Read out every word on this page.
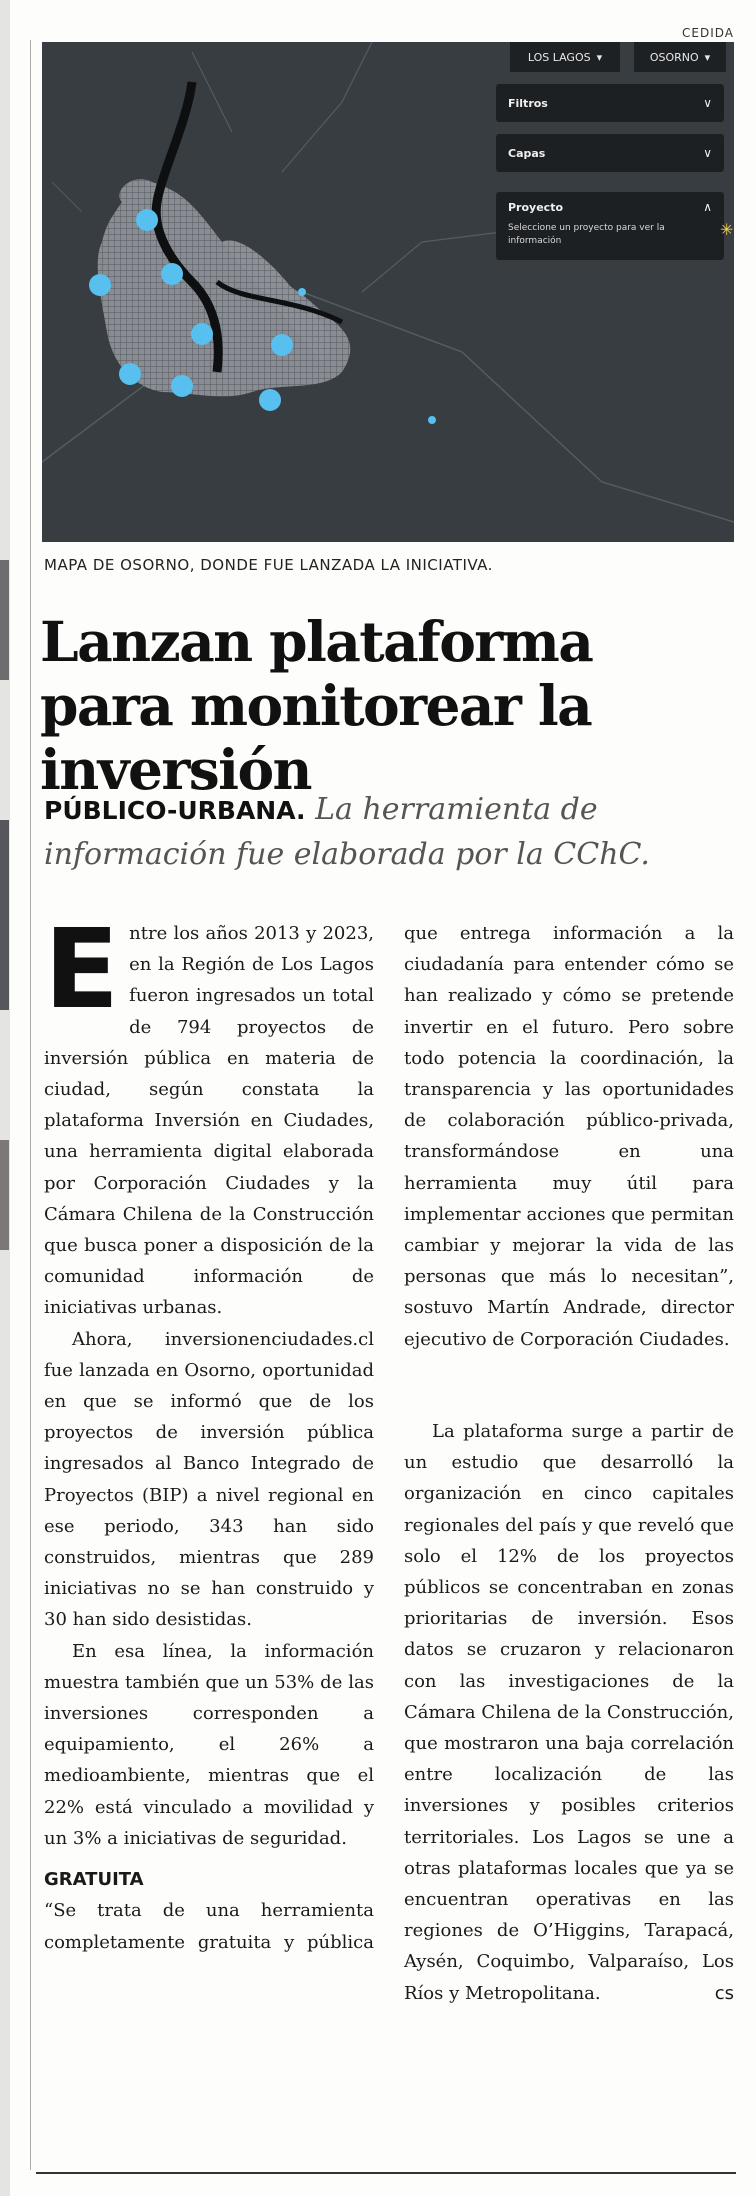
CEDIDA
LOS LAGOS ▾	OSORNO ▾
Filtros	∨
Capas	∨
Proyecto	∧
Seleccione un proyecto para ver la información
✳
MAPA DE OSORNO, DONDE FUE LANZADA LA INICIATIVA.
Lanzan plataforma para monitorear la inversión

PÚBLICO-URBANA. La herramienta de información fue elaborada por la CChC.

Entre los años 2013 y 2023, en la Región de Los Lagos fueron ingresados un total de 794 proyectos de inversión pública en materia de ciudad, según constata la plataforma Inversión en Ciudades, una herramienta digital elaborada por Corporación Ciudades y la Cámara Chilena de la Construcción que busca poner a disposición de la comunidad información de iniciativas urbanas.

Ahora, inversionenciudades.cl fue lanzada en Osorno, oportunidad en que se informó que de los proyectos de inversión pública ingresados al Banco Integrado de Proyectos (BIP) a nivel regional en ese periodo, 343 han sido construidos, mientras que 289 iniciativas no se han construido y 30 han sido desistidas.

En esa línea, la información muestra también que un 53% de las inversiones corresponden a equipamiento, el 26% a medioambiente, mientras que el 22% está vinculado a movilidad y un 3% a iniciativas de seguridad.

GRATUITA

“Se trata de una herramienta completamente gratuita y pública

que entrega información a la ciudadanía para entender cómo se han realizado y cómo se pretende invertir en el futuro. Pero sobre todo potencia la coordinación, la transparencia y las oportunidades de colaboración público-privada, transformándose en una herramienta muy útil para implementar acciones que permitan cambiar y mejorar la vida de las personas que más lo necesitan”, sostuvo Martín Andrade, director ejecutivo de Corporación Ciudades.

La plataforma surge a partir de un estudio que desarrolló la organización en cinco capitales regionales del país y que reveló que solo el 12% de los proyectos públicos se concentraban en zonas prioritarias de inversión. Esos datos se cruzaron y relacionaron con las investigaciones de la Cámara Chilena de la Construcción, que mostraron una baja correlación entre localización de las inversiones y posibles criterios territoriales. Los Lagos se une a otras plataformas locales que ya se encuentran operativas en las regiones de O’Higgins, Tarapacá, Aysén, Coquimbo, Valparaíso, Los Ríos y Metropolitana.	cs
